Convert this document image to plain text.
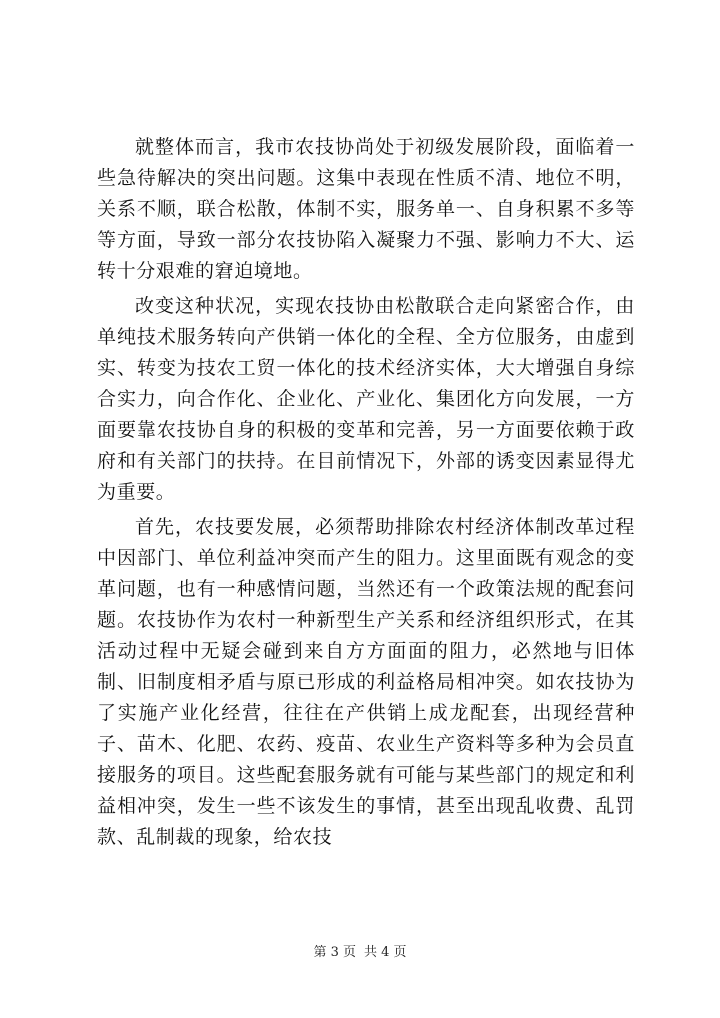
就整体而言，我市农技协尚处于初级发展阶段，面临着一些急待解决的突出问题。这集中表现在性质不清、地位不明，关系不顺，联合松散，体制不实，服务单一、自身积累不多等等方面，导致一部分农技协陷入凝聚力不强、影响力不大、运转十分艰难的窘迫境地。

改变这种状况，实现农技协由松散联合走向紧密合作，由单纯技术服务转向产供销一体化的全程、全方位服务，由虚到实、转变为技农工贸一体化的技术经济实体，大大增强自身综合实力，向合作化、企业化、产业化、集团化方向发展，一方面要靠农技协自身的积极的变革和完善，另一方面要依赖于政府和有关部门的扶持。在目前情况下，外部的诱变因素显得尤为重要。

首先，农技要发展，必须帮助排除农村经济体制改革过程中因部门、单位利益冲突而产生的阻力。这里面既有观念的变革问题，也有一种感情问题，当然还有一个政策法规的配套问题。农技协作为农村一种新型生产关系和经济组织形式，在其活动过程中无疑会碰到来自方方面面的阻力，必然地与旧体制、旧制度相矛盾与原已形成的利益格局相冲突。如农技协为了实施产业化经营，往往在产供销上成龙配套，出现经营种子、苗木、化肥、农药、疫苗、农业生产资料等多种为会员直接服务的项目。这些配套服务就有可能与某些部门的规定和利益相冲突，发生一些不该发生的事情，甚至出现乱收费、乱罚款、乱制裁的现象，给农技

第 3 页 共 4 页
